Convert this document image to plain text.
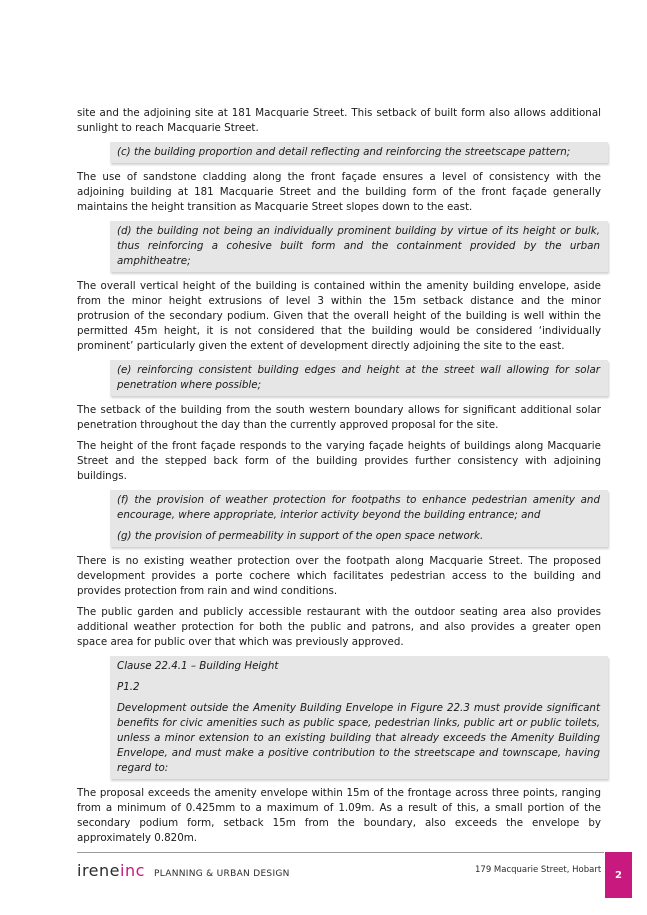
site and the adjoining site at 181 Macquarie Street. This setback of built form also allows additional sunlight to reach Macquarie Street.

(c) the building proportion and detail reflecting and reinforcing the streetscape pattern;

The use of sandstone cladding along the front façade ensures a level of consistency with the adjoining building at 181 Macquarie Street and the building form of the front façade generally maintains the height transition as Macquarie Street slopes down to the east.

(d) the building not being an individually prominent building by virtue of its height or bulk, thus reinforcing a cohesive built form and the containment provided by the urban amphitheatre;

The overall vertical height of the building is contained within the amenity building envelope, aside from the minor height extrusions of level 3 within the 15m setback distance and the minor protrusion of the secondary podium. Given that the overall height of the building is well within the permitted 45m height, it is not considered that the building would be considered ‘individually prominent’ particularly given the extent of development directly adjoining the site to the east.

(e) reinforcing consistent building edges and height at the street wall allowing for solar penetration where possible;

The setback of the building from the south western boundary allows for significant additional solar penetration throughout the day than the currently approved proposal for the site.

The height of the front façade responds to the varying façade heights of buildings along Macquarie Street and the stepped back form of the building provides further consistency with adjoining buildings.

(f) the provision of weather protection for footpaths to enhance pedestrian amenity and encourage, where appropriate, interior activity beyond the building entrance; and

(g) the provision of permeability in support of the open space network.

There is no existing weather protection over the footpath along Macquarie Street. The proposed development provides a porte cochere which facilitates pedestrian access to the building and provides protection from rain and wind conditions.

The public garden and publicly accessible restaurant with the outdoor seating area also provides additional weather protection for both the public and patrons, and also provides a greater open space area for public over that which was previously approved.

Clause 22.4.1 – Building Height

P1.2

Development outside the Amenity Building Envelope in Figure 22.3 must provide significant benefits for civic amenities such as public space, pedestrian links, public art or public toilets, unless a minor extension to an existing building that already exceeds the Amenity Building Envelope, and must make a positive contribution to the streetscape and townscape, having regard to:

The proposal exceeds the amenity envelope within 15m of the frontage across three points, ranging from a minimum of 0.425mm to a maximum of 1.09m. As a result of this, a small portion of the secondary podium form, setback 15m from the boundary, also exceeds the envelope by approximately 0.820m.

ireneinc PLANNING & URBAN DESIGN	179 Macquarie Street, Hobart 2
